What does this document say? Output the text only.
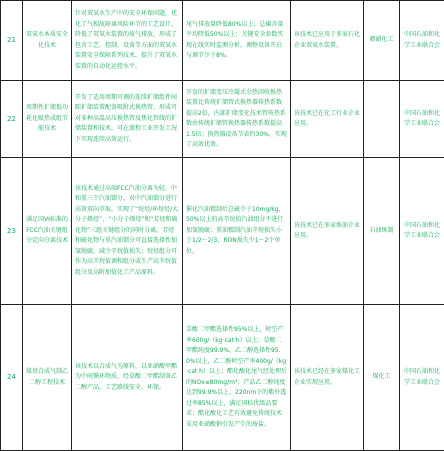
21	双氧水本质安全化技术	针对双氧水生产中的安全环保问题，优化了气相故障离风险环节的工艺设计，降低了双氧水装置的废气排放，形成了包含工艺、控制、设备等方面的双氧水装置安全保障系列技术，提升了双氧水装置的自动化运控水平。	尾气排放量降低80%以上；总碳含量平均降低50%以上；关键安全参数实现在线实时监测分析，调整设备开启与调节少于8%。	该技术已应用于多家石化企业双氧水装置。	赣硝化工	中国石油和化学工业联合会
22	周期性扩储低功耗化吸热成组节能技术	开发了适用周期可调的连续扩储组件间隙扩储装置配备吸附式换热管，形成可对多种高温高压换热管及焦化管线的扩储装置和技术，可在流程工业开发工况下实现连续高效运行。	开发的扩储变压冷凝式余热回收换热装置比传统扩储管式换热器传热系数提高2倍，内部扩储变化技术管传热系数由传统扩储管换热器传热系数提高1.5倍；换热器设备节省约30%，实现了高效优效。	该技术已在化工行业企业应用。		中国石油和化学工业联合会
23	满足国VI标准的FCC汽油关键组分定向分离技术	该技术通过高端FCC汽油分离为轻、中和重三个汽油馏分，对中汽油馏分进行高效双向萃取，实现了“烷烃/环烷烃/大分子烯烃”、“小分子烯烃”和“芳烃和硫化物”三组关键组分的同时分离。芳烃和硫化物与重汽油馏分可直接选择性加氢脱硫，减少辛烷值损失；烷烃组分可作为高辛烷值调和组分或生产高辛烷值组分及高附加值化工产品原料。	催化汽油精制后总硫少于10mg/kg，50%以上的高辛烷值汽油组分不进行加氢脱硫；重油精制汽油辛烷损失小于1/2～2/3，RON损失少1～2个单位。	该技术已在多家炼油企业应用。	石油炼制	中国石油和化学工业联合会
24	煤基合成气制乙二醇工程技术	该技术以合成气为原料，以亚硝酸甲酯为中间循环物质，经草酸二甲酯制备乙二醇产品，工艺路线安全、环保。	草酸二甲酯选择性95%以上，时空产率600g/（kg·cat·h）以上；草酸二甲酯纯度99.9%，乙二醇选择性95.0%以上，乙二醇时空产率400g/（kg·cat·h）以上；酯化酸化尾气经处理后的NOx≤80mg/m³；产品乙二醇纯度达到99.9%以上，220nm下的紫外透过率85%以上，满足国标优级品要求；酯化酸化工艺有效避免传统技术采用亚硝酸钠引发产生的废盐。	该技术已经在多家煤化工企业实现应用。	煤化工	中国石油和化学工业联合会
